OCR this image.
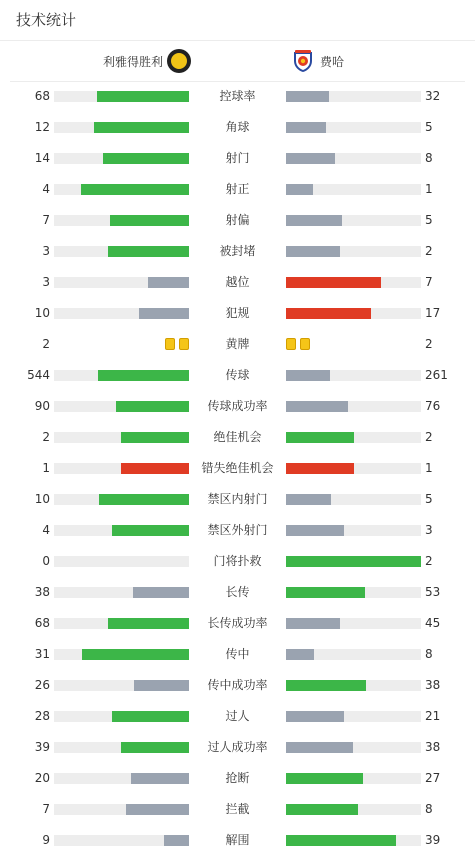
技术统计
利雅得胜利	费哈
68	控球率	32
12	角球	5
14	射门	8
4	射正	1
7	射偏	5
3	被封堵	2
3	越位	7
10	犯规	17
2	黄牌	2
544	传球	261
90	传球成功率	76
2	绝佳机会	2
1	错失绝佳机会	1
10	禁区内射门	5
4	禁区外射门	3
0	门将扑救	2
38	长传	53
68	长传成功率	45
31	传中	8
26	传中成功率	38
28	过人	21
39	过人成功率	38
20	抢断	27
7	拦截	8
9	解围	39
